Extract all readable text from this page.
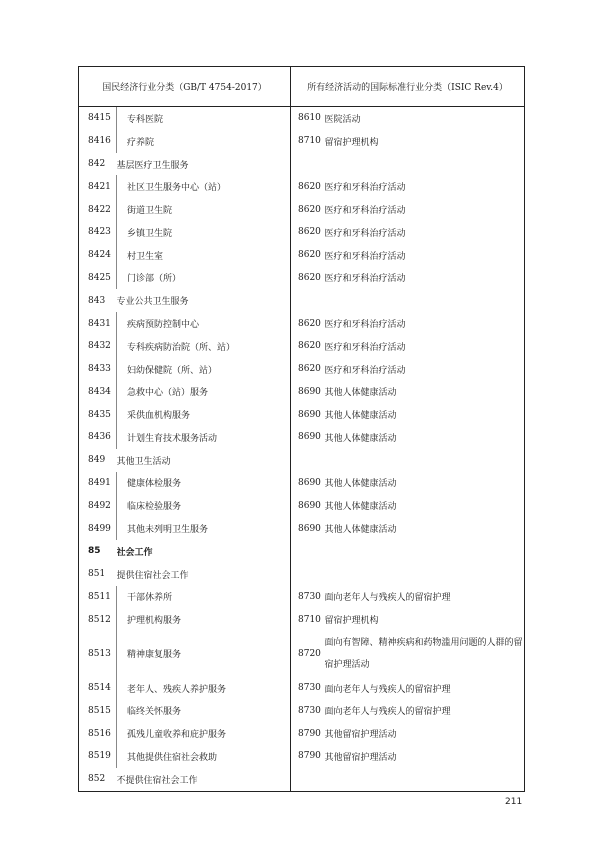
国民经济行业分类（GB/T 4754-2017）		所有经济活动的国际标准行业分类（ISIC Rev.4）	
8415	专科医院	8610	医院活动
8416	疗养院	8710	留宿护理机构
842	基层医疗卫生服务		
8421	社区卫生服务中心（站）	8620	医疗和牙科治疗活动
8422	街道卫生院	8620	医疗和牙科治疗活动
8423	乡镇卫生院	8620	医疗和牙科治疗活动
8424	村卫生室	8620	医疗和牙科治疗活动
8425	门诊部（所）	8620	医疗和牙科治疗活动
843	专业公共卫生服务		
8431	疾病预防控制中心	8620	医疗和牙科治疗活动
8432	专科疾病防治院（所、站）	8620	医疗和牙科治疗活动
8433	妇幼保健院（所、站）	8620	医疗和牙科治疗活动
8434	急救中心（站）服务	8690	其他人体健康活动
8435	采供血机构服务	8690	其他人体健康活动
8436	计划生育技术服务活动	8690	其他人体健康活动
849	其他卫生活动		
8491	健康体检服务	8690	其他人体健康活动
8492	临床检验服务	8690	其他人体健康活动
8499	其他未列明卫生服务	8690	其他人体健康活动
85	社会工作		
851	提供住宿社会工作		
8511	干部休养所	8730	面向老年人与残疾人的留宿护理
8512	护理机构服务	8710	留宿护理机构
8513	精神康复服务	8720	面向有智障、精神疾病和药物滥用问题的人群的留宿护理活动
8514	老年人、残疾人养护服务	8730	面向老年人与残疾人的留宿护理
8515	临终关怀服务	8730	面向老年人与残疾人的留宿护理
8516	孤残儿童收养和庇护服务	8790	其他留宿护理活动
8519	其他提供住宿社会救助	8790	其他留宿护理活动
852	不提供住宿社会工作		
211
